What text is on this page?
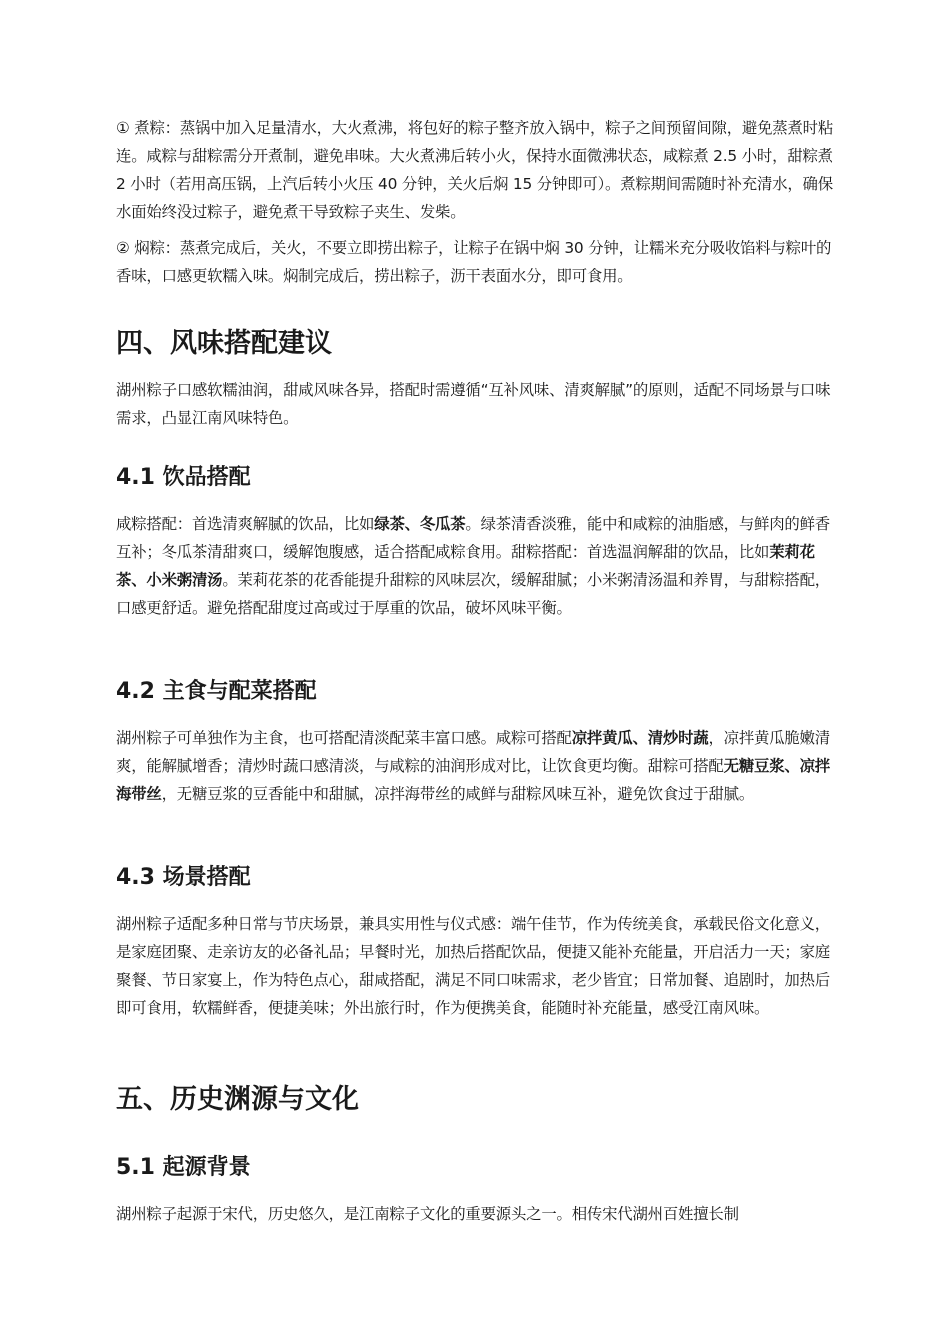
① 煮粽：蒸锅中加入足量清水，大火煮沸，将包好的粽子整齐放入锅中，粽子之间预留间隙，避免蒸煮时粘连。咸粽与甜粽需分开煮制，避免串味。大火煮沸后转小火，保持水面微沸状态，咸粽煮 2.5 小时，甜粽煮 2 小时（若用高压锅，上汽后转小火压 40 分钟，关火后焖 15 分钟即可）。煮粽期间需随时补充清水，确保水面始终没过粽子，避免煮干导致粽子夹生、发柴。

② 焖粽：蒸煮完成后，关火，不要立即捞出粽子，让粽子在锅中焖 30 分钟，让糯米充分吸收馅料与粽叶的香味，口感更软糯入味。焖制完成后，捞出粽子，沥干表面水分，即可食用。

四、风味搭配建议

湖州粽子口感软糯油润，甜咸风味各异，搭配时需遵循“互补风味、清爽解腻”的原则，适配不同场景与口味需求，凸显江南风味特色。

4.1 饮品搭配

咸粽搭配：首选清爽解腻的饮品，比如绿茶、冬瓜茶。绿茶清香淡雅，能中和咸粽的油脂感，与鲜肉的鲜香互补；冬瓜茶清甜爽口，缓解饱腹感，适合搭配咸粽食用。甜粽搭配：首选温润解甜的饮品，比如茉莉花茶、小米粥清汤。茉莉花茶的花香能提升甜粽的风味层次，缓解甜腻；小米粥清汤温和养胃，与甜粽搭配，口感更舒适。避免搭配甜度过高或过于厚重的饮品，破坏风味平衡。

4.2 主食与配菜搭配

湖州粽子可单独作为主食，也可搭配清淡配菜丰富口感。咸粽可搭配凉拌黄瓜、清炒时蔬，凉拌黄瓜脆嫩清爽，能解腻增香；清炒时蔬口感清淡，与咸粽的油润形成对比，让饮食更均衡。甜粽可搭配无糖豆浆、凉拌海带丝，无糖豆浆的豆香能中和甜腻，凉拌海带丝的咸鲜与甜粽风味互补，避免饮食过于甜腻。

4.3 场景搭配

湖州粽子适配多种日常与节庆场景，兼具实用性与仪式感：端午佳节，作为传统美食，承载民俗文化意义，是家庭团聚、走亲访友的必备礼品；早餐时光，加热后搭配饮品，便捷又能补充能量，开启活力一天；家庭聚餐、节日家宴上，作为特色点心，甜咸搭配，满足不同口味需求，老少皆宜；日常加餐、追剧时，加热后即可食用，软糯鲜香，便捷美味；外出旅行时，作为便携美食，能随时补充能量，感受江南风味。

五、历史渊源与文化
5.1 起源背景

湖州粽子起源于宋代，历史悠久，是江南粽子文化的重要源头之一。相传宋代湖州百姓擅长制
